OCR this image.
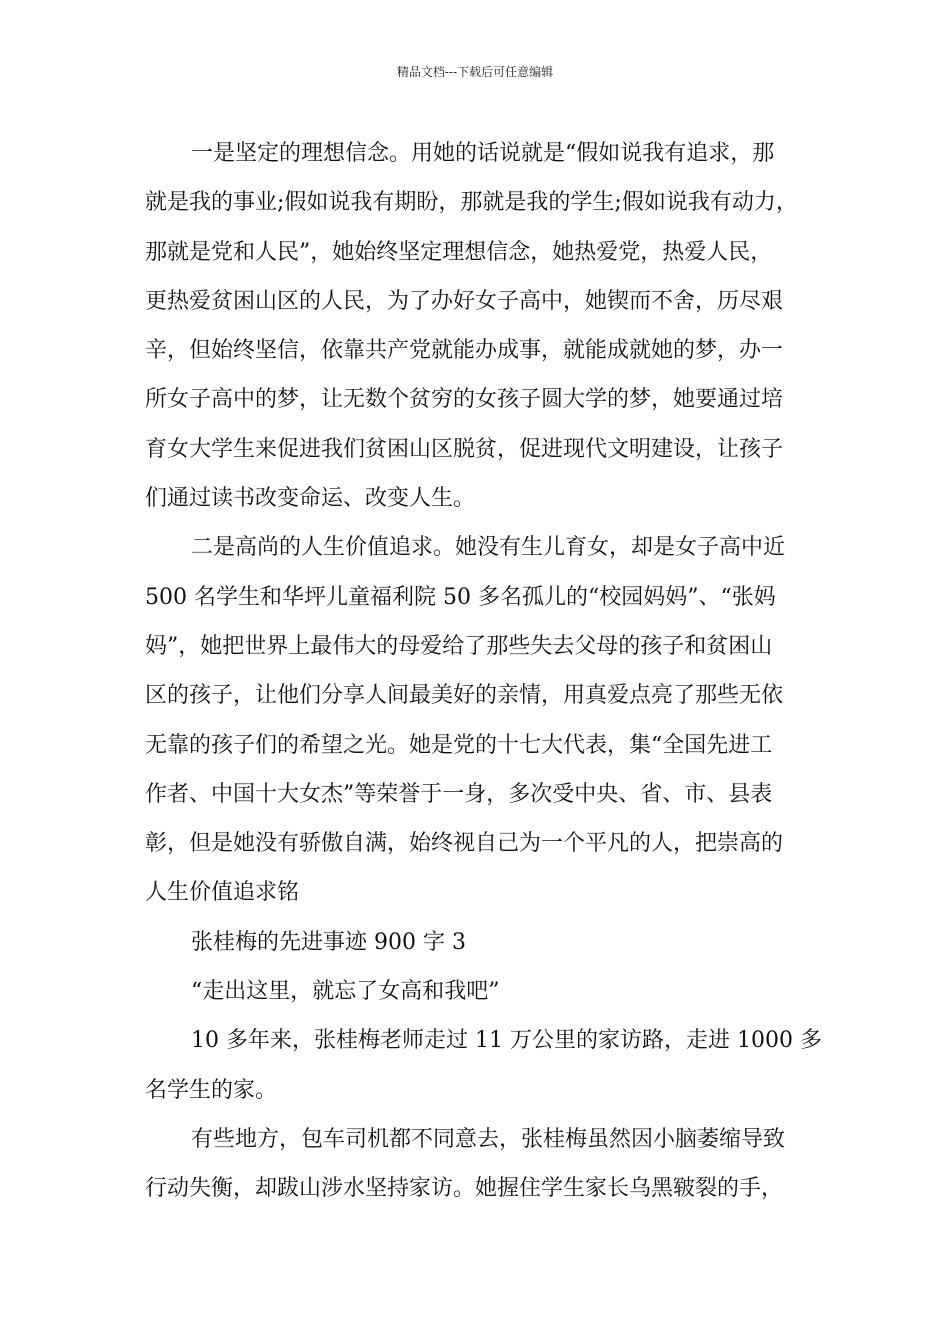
精品文档---下载后可任意编辑
一是坚定的理想信念。用她的话说就是“假如说我有追求，那
就是我的事业;假如说我有期盼，那就是我的学生;假如说我有动力，
那就是党和人民”，她始终坚定理想信念，她热爱党，热爱人民，
更热爱贫困山区的人民，为了办好女子高中，她锲而不舍，历尽艰
辛，但始终坚信，依靠共产党就能办成事，就能成就她的梦，办一
所女子高中的梦，让无数个贫穷的女孩子圆大学的梦，她要通过培
育女大学生来促进我们贫困山区脱贫，促进现代文明建设，让孩子
们通过读书改变命运、改变人生。
二是高尚的人生价值追求。她没有生儿育女，却是女子高中近
500 名学生和华坪儿童福利院 50 多名孤儿的“校园妈妈”、“张妈
妈”，她把世界上最伟大的母爱给了那些失去父母的孩子和贫困山
区的孩子，让他们分享人间最美好的亲情，用真爱点亮了那些无依
无靠的孩子们的希望之光。她是党的十七大代表，集“全国先进工
作者、中国十大女杰”等荣誉于一身，多次受中央、省、市、县表
彰，但是她没有骄傲自满，始终视自己为一个平凡的人，把崇高的
人生价值追求铭
张桂梅的先进事迹 900 字 3
“走出这里，就忘了女高和我吧”
10 多年来，张桂梅老师走过 11 万公里的家访路，走进 1000 多
名学生的家。
有些地方，包车司机都不同意去，张桂梅虽然因小脑萎缩导致
行动失衡，却跋山涉水坚持家访。她握住学生家长乌黑皲裂的手，
